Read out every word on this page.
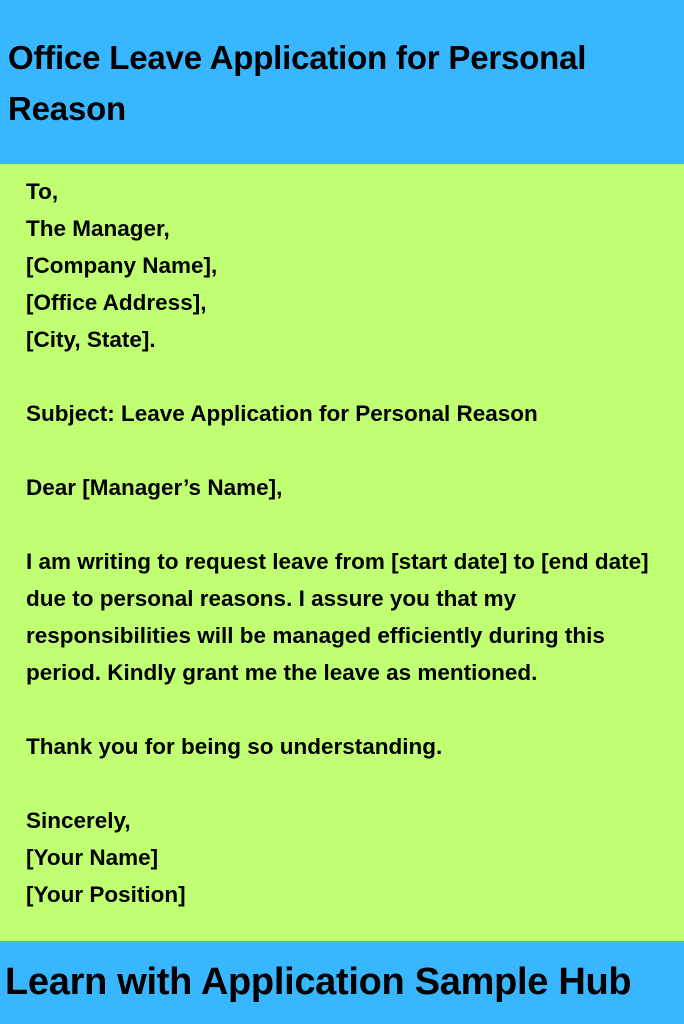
Office Leave Application for Personal Reason

To,

The Manager,

[Company Name],

[Office Address],

[City, State].

Subject: Leave Application for Personal Reason

Dear [Manager’s Name],

I am writing to request leave from [start date] to [end date] due to personal reasons. I assure you that my responsibilities will be managed efficiently during this period. Kindly grant me the leave as mentioned.

Thank you for being so understanding.

Sincerely,

[Your Name]

[Your Position]

Learn with Application Sample Hub
